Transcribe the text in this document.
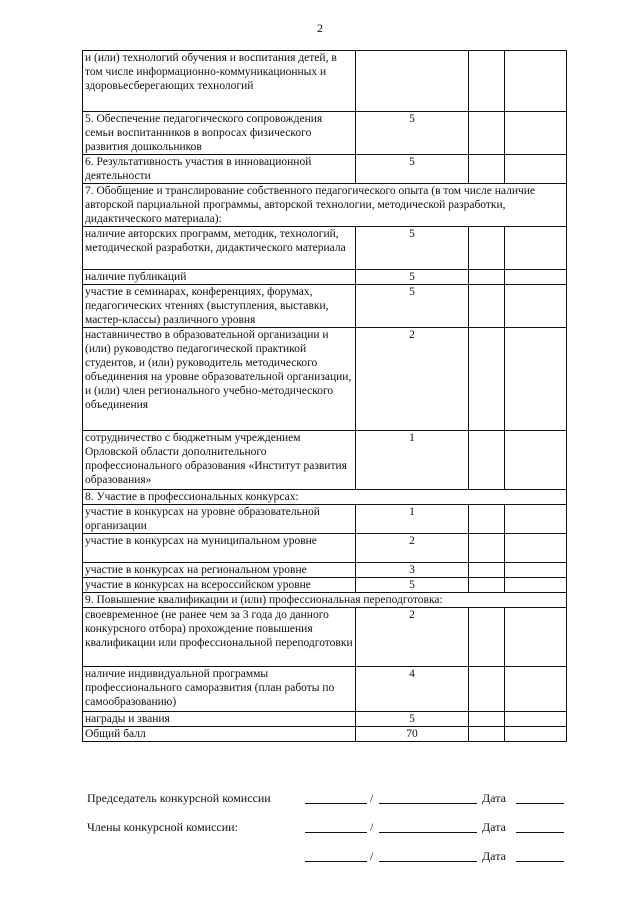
2
и (или) технологий обучения и воспитания детей, в том числе информационно-коммуникационных и здоровьесберегающих технологий			
5. Обеспечение педагогического сопровождения семьи воспитанников в вопросах физического развития дошкольников	5		
6. Результативность участия в инновационной деятельности	5		
7. Обобщение и транслирование собственного педагогического опыта (в том числе наличие авторской парциальной программы, авторской технологии, методической разработки, дидактического материала):			
наличие авторских программ, методик, технологий, методической разработки, дидактического материала	5		
наличие публикаций	5		
участие в семинарах, конференциях, форумах, педагогических чтениях (выступления, выставки, мастер-классы) различного уровня	5		
наставничество в образовательной организации и (или) руководство педагогической практикой студентов, и (или) руководитель методического объединения на уровне образовательной организации, и (или) член регионального учебно-методического объединения	2		
сотрудничество с бюджетным учреждением Орловской области дополнительного профессионального образования «Институт развития образования»	1		
8. Участие в профессиональных конкурсах:			
участие в конкурсах на уровне образовательной организации	1		
участие в конкурсах на муниципальном уровне	2		
участие в конкурсах на региональном уровне	3		
участие в конкурсах на всероссийском уровне	5		
9. Повышение квалификации и (или) профессиональная переподготовка:			
своевременное (не ранее чем за 3 года до данного конкурсного отбора) прохождение повышения квалификации или профессиональной переподготовки	2		
наличие индивидуальной программы профессионального саморазвития (план работы по самообразованию)	4		
награды и звания	5		
Общий балл	70		
Председатель конкурсной комиссии	/	Дата
Члены конкурсной комиссии:	/	Дата
/	Дата
